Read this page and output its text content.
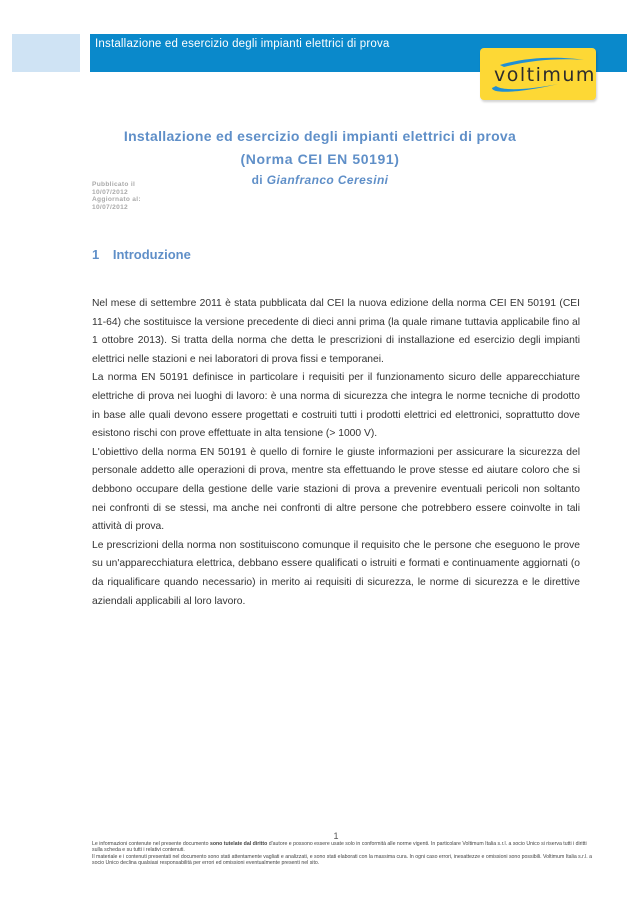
Installazione ed esercizio degli impianti elettrici di prova
voltimum
Installazione ed esercizio degli impianti elettrici di prova
(Norma CEI EN 50191)
di Gianfranco Ceresini
Pubblicato il
10/07/2012
Aggiornato al:
10/07/2012
1 Introduzione

Nel mese di settembre 2011 è stata pubblicata dal CEI la nuova edizione della norma CEI EN 50191 (CEI 11-64) che sostituisce la versione precedente di dieci anni prima (la quale rimane tuttavia applicabile fino al 1 ottobre 2013). Si tratta della norma che detta le prescrizioni di installazione ed esercizio degli impianti elettrici nelle stazioni e nei laboratori di prova fissi e temporanei.

La norma EN 50191 definisce in particolare i requisiti per il funzionamento sicuro delle apparecchiature elettriche di prova nei luoghi di lavoro: è una norma di sicurezza che integra le norme tecniche di prodotto in base alle quali devono essere progettati e costruiti tutti i prodotti elettrici ed elettronici, soprattutto dove esistono rischi con prove effettuate in alta tensione (> 1000 V).

L'obiettivo della norma EN 50191 è quello di fornire le giuste informazioni per assicurare la sicurezza del personale addetto alle operazioni di prova, mentre sta effettuando le prove stesse ed aiutare coloro che si debbono occupare della gestione delle varie stazioni di prova a prevenire eventuali pericoli non soltanto nei confronti di se stessi, ma anche nei confronti di altre persone che potrebbero essere coinvolte in tali attività di prova.

Le prescrizioni della norma non sostituiscono comunque il requisito che le persone che eseguono le prove su un'apparecchiatura elettrica, debbano essere qualificati o istruiti e formati e continuamente aggiornati (o da riqualificare quando necessario) in merito ai requisiti di sicurezza, le norme di sicurezza e le direttive aziendali applicabili al loro lavoro.

1
Le informazioni contenute nel presente documento sono tutelate dal diritto d'autore e possono essere usate solo in conformità alle norme vigenti. In particolare Voltimum Italia s.r.l. a socio Unico si riserva tutti i diritti sulla scheda e su tutti i relativi contenuti.
Il materiale e i contenuti presentati nel documento sono stati attentamente vagliati e analizzati, e sono stati elaborati con la massima cura. In ogni caso errori, inesattezze e omissioni sono possibili. Voltimum Italia s.r.l. a socio Unico declina qualsiasi responsabilità per errori ed omissioni eventualmente presenti nel sito.
